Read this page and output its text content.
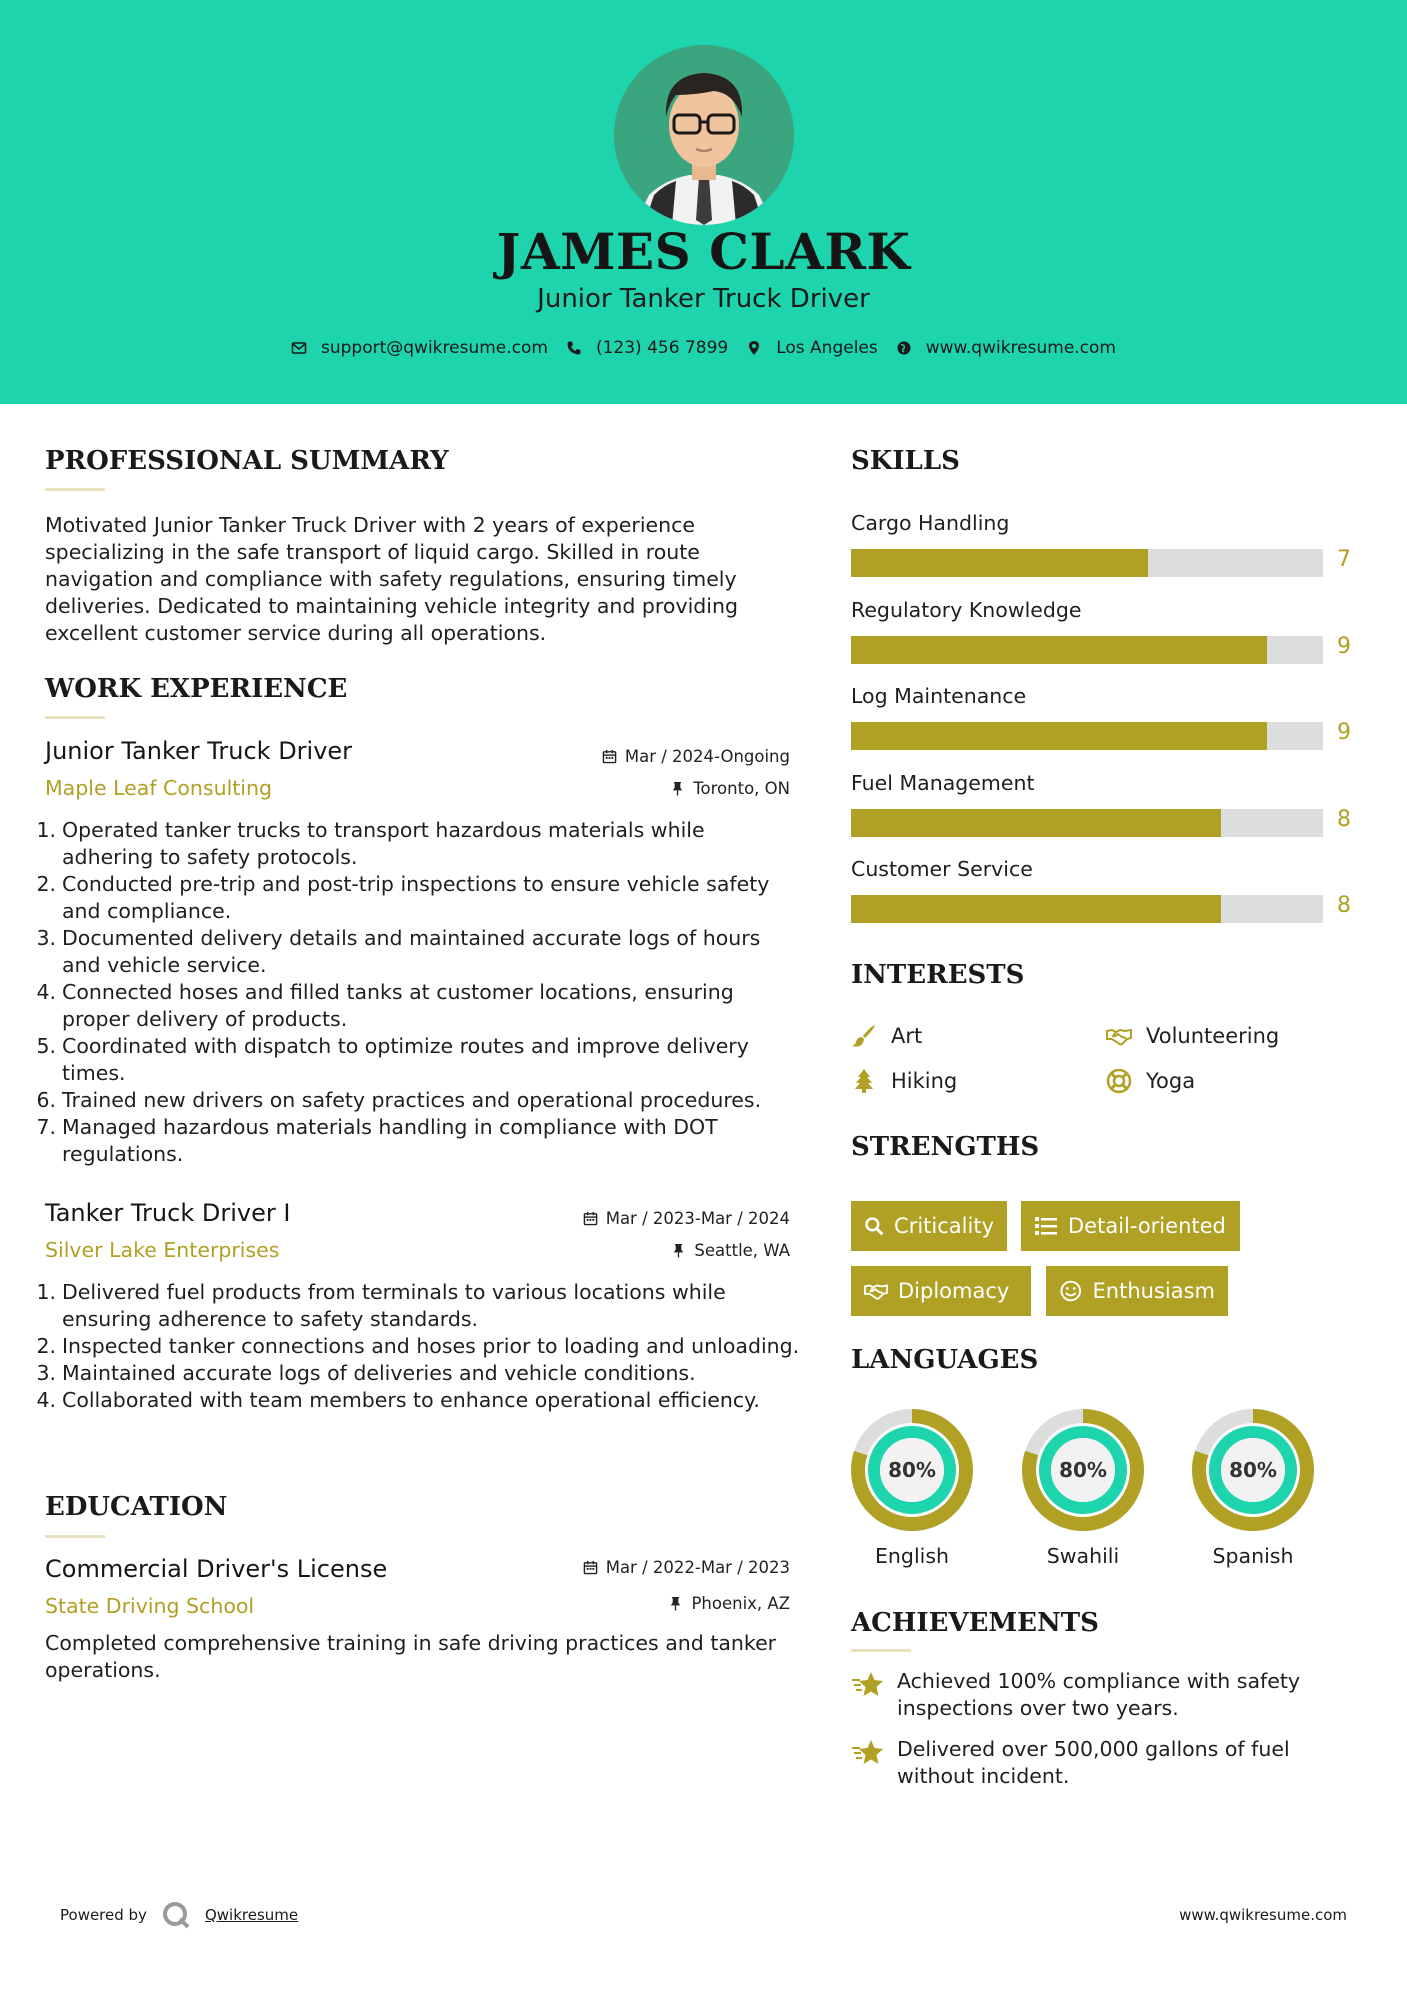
JAMES CLARK
Junior Tanker Truck Driver
support@qwikresume.com	(123) 456 7899	Los Angeles	www.qwikresume.com
PROFESSIONAL SUMMARY
Motivated Junior Tanker Truck Driver with 2 years of experience specializing in the safe transport of liquid cargo. Skilled in route navigation and compliance with safety regulations, ensuring timely deliveries. Dedicated to maintaining vehicle integrity and providing excellent customer service during all operations.
WORK EXPERIENCE
Junior Tanker Truck Driver	Mar / 2024-Ongoing
Maple Leaf Consulting	Toronto, ON
1. Operated tanker trucks to transport hazardous materials while adhering to safety protocols.
2. Conducted pre-trip and post-trip inspections to ensure vehicle safety and compliance.
3. Documented delivery details and maintained accurate logs of hours and vehicle service.
4. Connected hoses and filled tanks at customer locations, ensuring proper delivery of products.
5. Coordinated with dispatch to optimize routes and improve delivery times.
6. Trained new drivers on safety practices and operational procedures.
7. Managed hazardous materials handling in compliance with DOT regulations.
Tanker Truck Driver I	Mar / 2023-Mar / 2024
Silver Lake Enterprises	Seattle, WA
1. Delivered fuel products from terminals to various locations while ensuring adherence to safety standards.
2. Inspected tanker connections and hoses prior to loading and unloading.
3. Maintained accurate logs of deliveries and vehicle conditions.
4. Collaborated with team members to enhance operational efficiency.
EDUCATION
Commercial Driver's License	Mar / 2022-Mar / 2023
State Driving School	Phoenix, AZ
Completed comprehensive training in safe driving practices and tanker operations.
SKILLS
Cargo Handling
7
Regulatory Knowledge
9
Log Maintenance
9
Fuel Management
8
Customer Service
8
INTERESTS
Art	Volunteering
Hiking	Yoga
STRENGTHS
Criticality	Detail-oriented
Diplomacy	Enthusiasm
LANGUAGES
80%
English
80%
Swahili
80%
Spanish
ACHIEVEMENTS
Achieved 100% compliance with safety inspections over two years.
Delivered over 500,000 gallons of fuel without incident.
Powered by	Qwikresume	www.qwikresume.com
